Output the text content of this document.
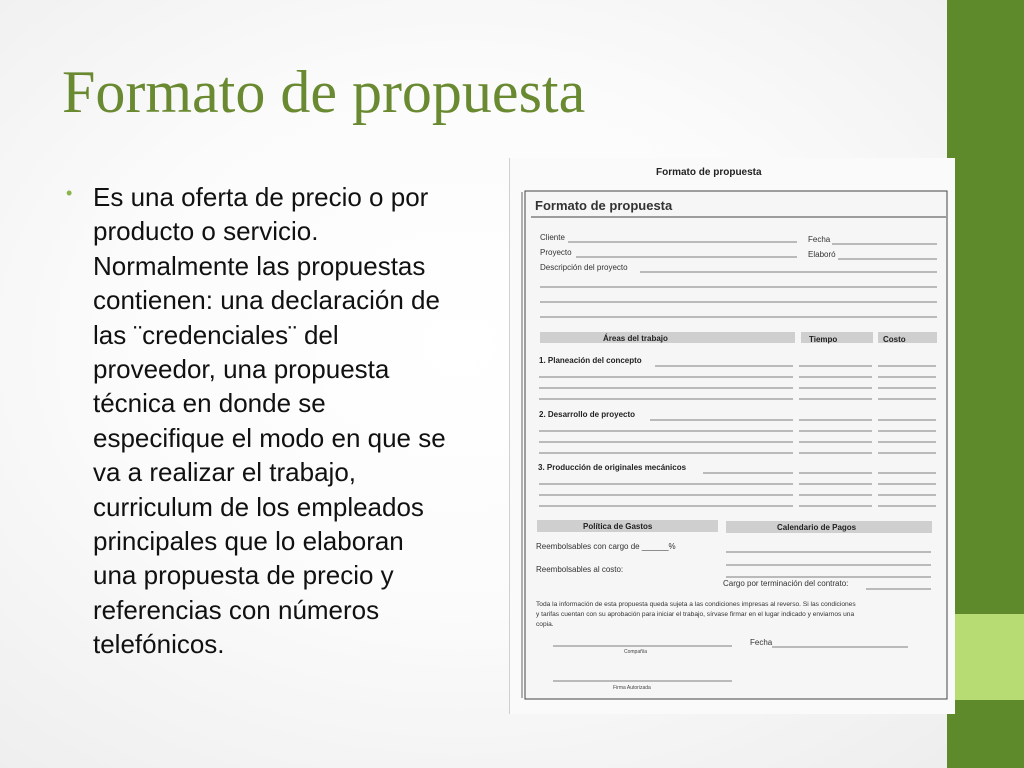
Formato de propuesta
• Es una oferta de precio o por producto o servicio. Normalmente las propuestas contienen: una declaración de las ¨credenciales¨ del proveedor, una propuesta técnica en donde se especifique el modo en que se va a realizar el trabajo, curriculum de los empleados principales que lo elaboran una propuesta de precio y referencias con números telefónicos.

Formato de propuesta
Formato de propuesta
Cliente	Fecha
Proyecto	Elaboró
Descripción del proyecto
Áreas del trabajo	Tiempo	Costo
1. Planeación del concepto
2. Desarrollo de proyecto
3. Producción de originales mecánicos
Política de Gastos	Calendario de Pagos
Reembolsables con cargo de ______%
Reembolsables al costo:
Cargo por terminación del contrato:
Toda la información de esta propuesta queda sujeta a las condiciones impresas al reverso. Si las condiciones
y tarifas cuentan con su aprobación para iniciar el trabajo, sírvase firmar en el lugar indicado y enviarnos una
copia.
Fecha
Compañía
Firma Autorizada
